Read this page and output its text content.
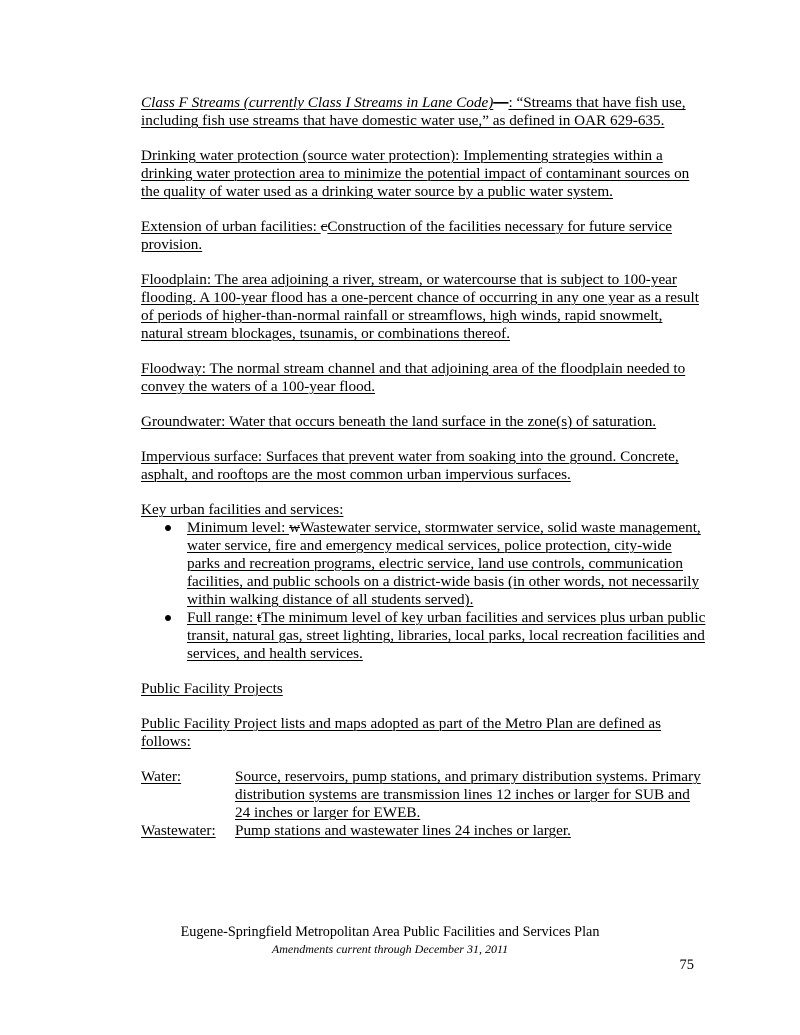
Class F Streams (currently Class I Streams in Lane Code)—: “Streams that have fish use, including fish use streams that have domestic water use,” as defined in OAR 629-635.

Drinking water protection (source water protection): Implementing strategies within a drinking water protection area to minimize the potential impact of contaminant sources on the quality of water used as a drinking water source by a public water system.

Extension of urban facilities: cConstruction of the facilities necessary for future service provision.

Floodplain: The area adjoining a river, stream, or watercourse that is subject to 100-year flooding. A 100-year flood has a one-percent chance of occurring in any one year as a result of periods of higher-than-normal rainfall or streamflows, high winds, rapid snowmelt, natural stream blockages, tsunamis, or combinations thereof.

Floodway: The normal stream channel and that adjoining area of the floodplain needed to convey the waters of a 100-year flood.

Groundwater: Water that occurs beneath the land surface in the zone(s) of saturation.

Impervious surface: Surfaces that prevent water from soaking into the ground. Concrete, asphalt, and rooftops are the most common urban impervious surfaces.

Key urban facilities and services:

Minimum level: wWastewater service, stormwater service, solid waste management, water service, fire and emergency medical services, police protection, city-wide parks and recreation programs, electric service, land use controls, communication facilities, and public schools on a district-wide basis (in other words, not necessarily within walking distance of all students served).
Full range: tThe minimum level of key urban facilities and services plus urban public transit, natural gas, street lighting, libraries, local parks, local recreation facilities and services, and health services.

Public Facility Projects

Public Facility Project lists and maps adopted as part of the Metro Plan are defined as follows:

Water:	Source, reservoirs, pump stations, and primary distribution systems. Primary distribution systems are transmission lines 12 inches or larger for SUB and 24 inches or larger for EWEB.
Wastewater:	Pump stations and wastewater lines 24 inches or larger.
Eugene-Springfield Metropolitan Area Public Facilities and Services Plan
Amendments current through December 31, 2011
75
